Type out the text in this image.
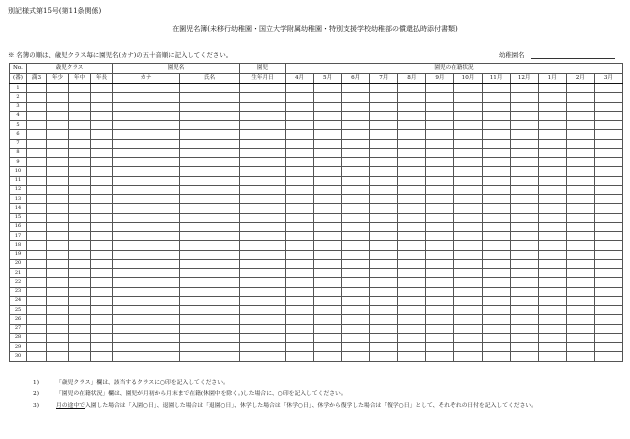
別記様式第15号(第11条関係)
在園児名簿(未移行幼稚園・国立大学附属幼稚園・特別支援学校幼稚部の償還払時添付書類)
※ 名簿の順は、歳児クラス毎に園児名(カナ)の五十音順に記入してください。	幼稚園名
No.	歳児クラス				園児名		園児	園児の在籍状況											
(番)	満3	年少	年中	年長	カナ	氏名	生年月日	4月	5月	6月	7月	8月	9月	10月	11月	12月	1月	2月	3月
1																			
2																			
3																			
4																			
5																			
6																			
7																			
8																			
9																			
10																			
11																			
12																			
13																			
14																			
15																			
16																			
17																			
18																			
19																			
20																			
21																			
22																			
23																			
24																			
25																			
26																			
27																			
28																			
29																			
30																			
1)	「歳児クラス」欄は、該当するクラスに○印を記入してください。
2)	「園児の在籍状況」欄は、園児が月初から月末まで在籍(休園中を除く。)した場合に、○印を記入してください。
3)	月の途中で入園した場合は「入園○日」、退園した場合は「退園○日」、休学した場合は「休学○日」、休学から復学した場合は「復学○日」として、それぞれの日付を記入してください。
